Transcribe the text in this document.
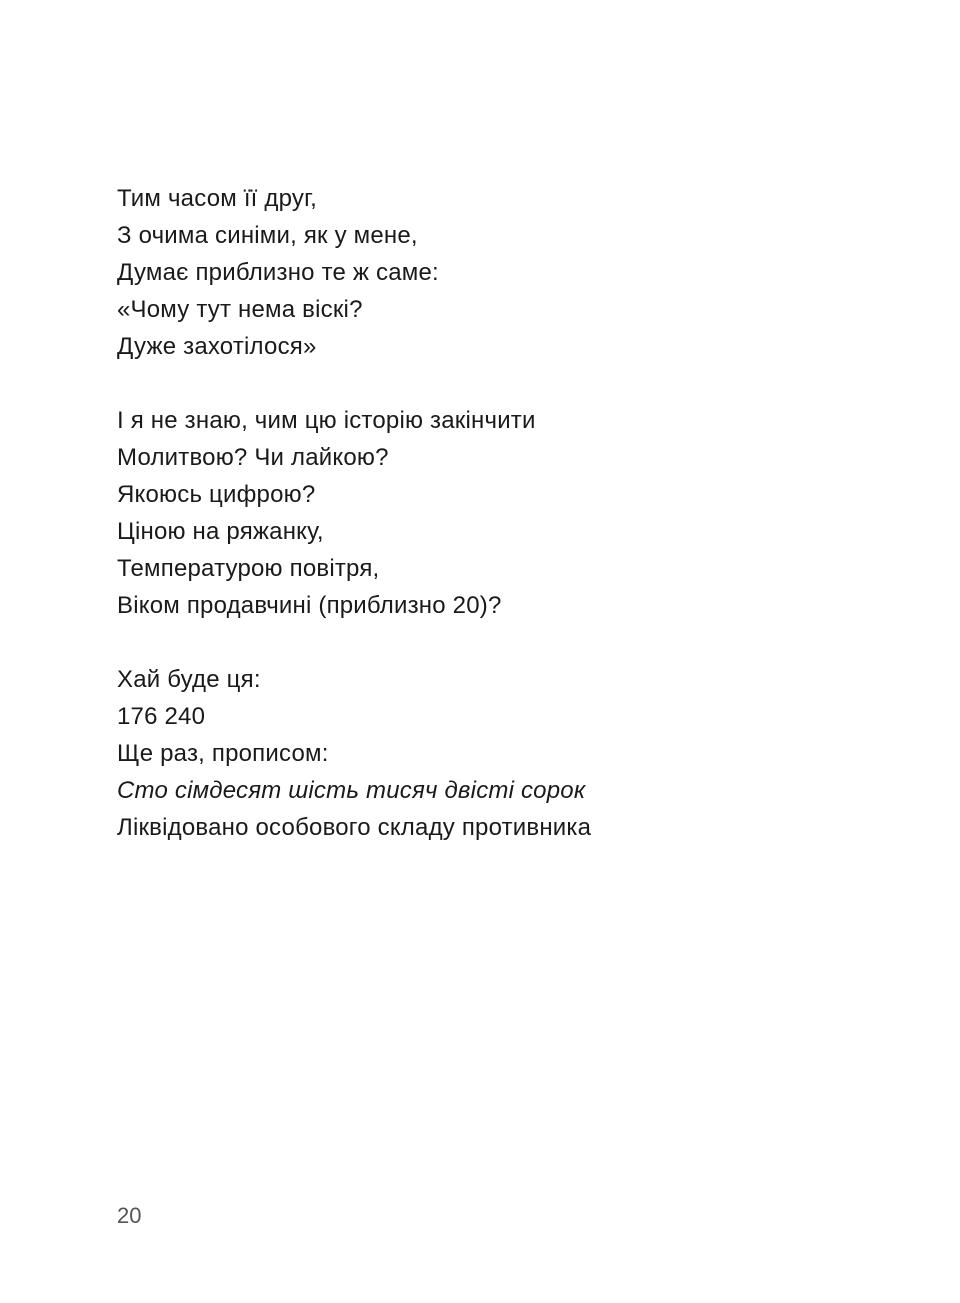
Тим часом її друг,
З очима синіми, як у мене,
Думає приблизно те ж саме:
«Чому тут нема віскі?
Дуже захотілося»
І я не знаю, чим цю історію закінчити
Молитвою? Чи лайкою?
Якоюсь цифрою?
Ціною на ряжанку,
Температурою повітря,
Віком продавчині (приблизно 20)?
Хай буде ця:
176 240
Ще раз, прописом:
Сто сімдесят шість тисяч двісті сорок
Ліквідовано особового складу противника
20
